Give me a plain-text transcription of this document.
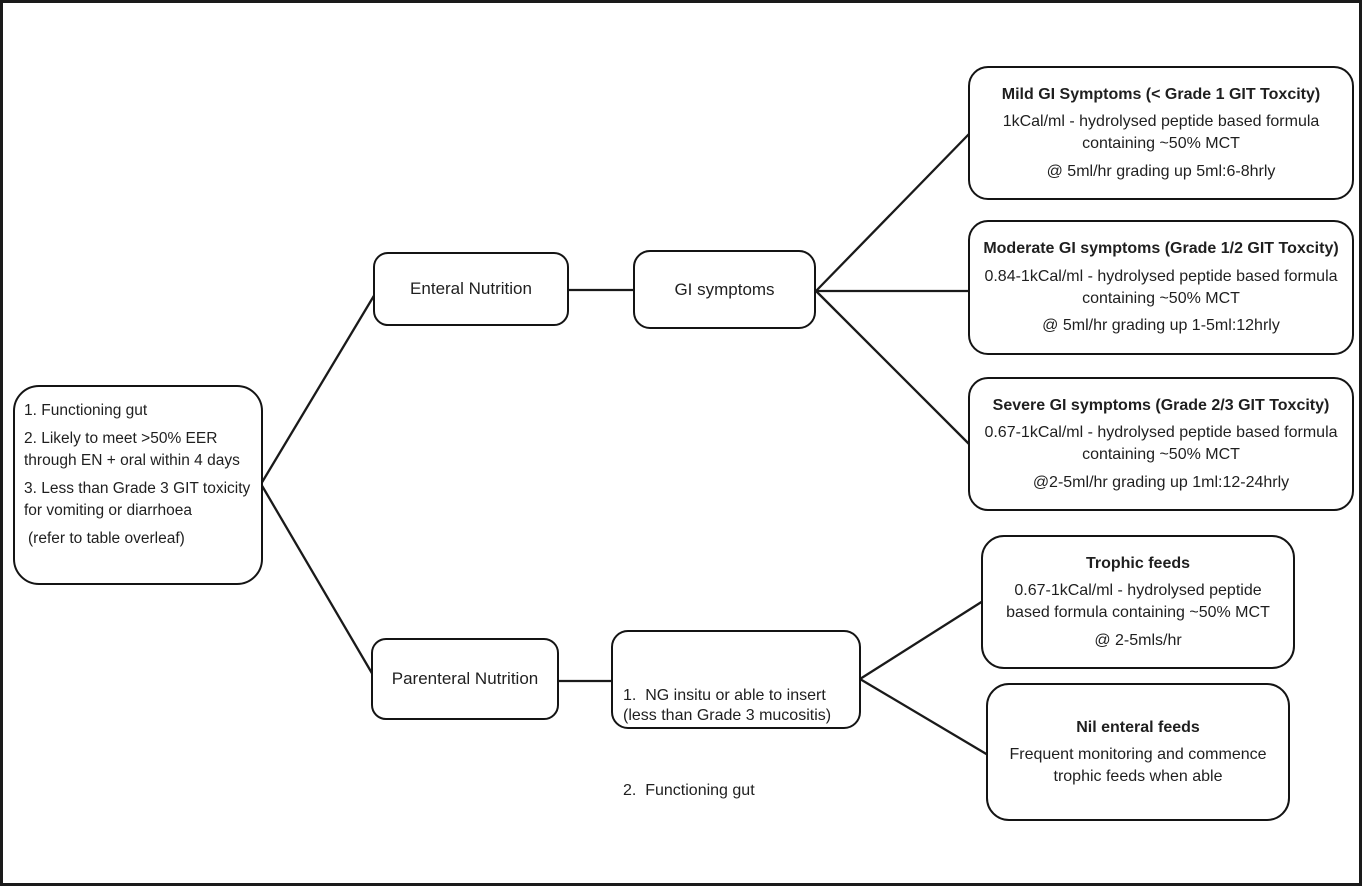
1. Functioning gut

2. Likely to meet >50% EER through EN + oral within 4 days

3. Less than Grade 3 GIT toxicity for vomiting or diarrhoea

(refer to table overleaf)

Enteral Nutrition	GI symptoms
Mild GI Symptoms (< Grade 1 GIT Toxcity)
1kCal/ml - hydrolysed peptide based formula containing ~50% MCT
@ 5ml/hr grading up 5ml:6-8hrly
Moderate GI symptoms (Grade 1/2 GIT Toxcity)
0.84-1kCal/ml - hydrolysed peptide based formula containing ~50% MCT
@ 5ml/hr grading up 1-5ml:12hrly
Severe GI symptoms (Grade 2/3 GIT Toxcity)
0.67-1kCal/ml - hydrolysed peptide based formula containing ~50% MCT
@2-5ml/hr grading up 1ml:12-24hrly
Parenteral Nutrition

1.  NG insitu or able to insert (less than Grade 3 mucositis)

2.  Functioning gut

Trophic feeds
0.67-1kCal/ml - hydrolysed peptide based formula containing ~50% MCT
@ 2-5mls/hr
Nil enteral feeds
Frequent monitoring and commence trophic feeds when able
